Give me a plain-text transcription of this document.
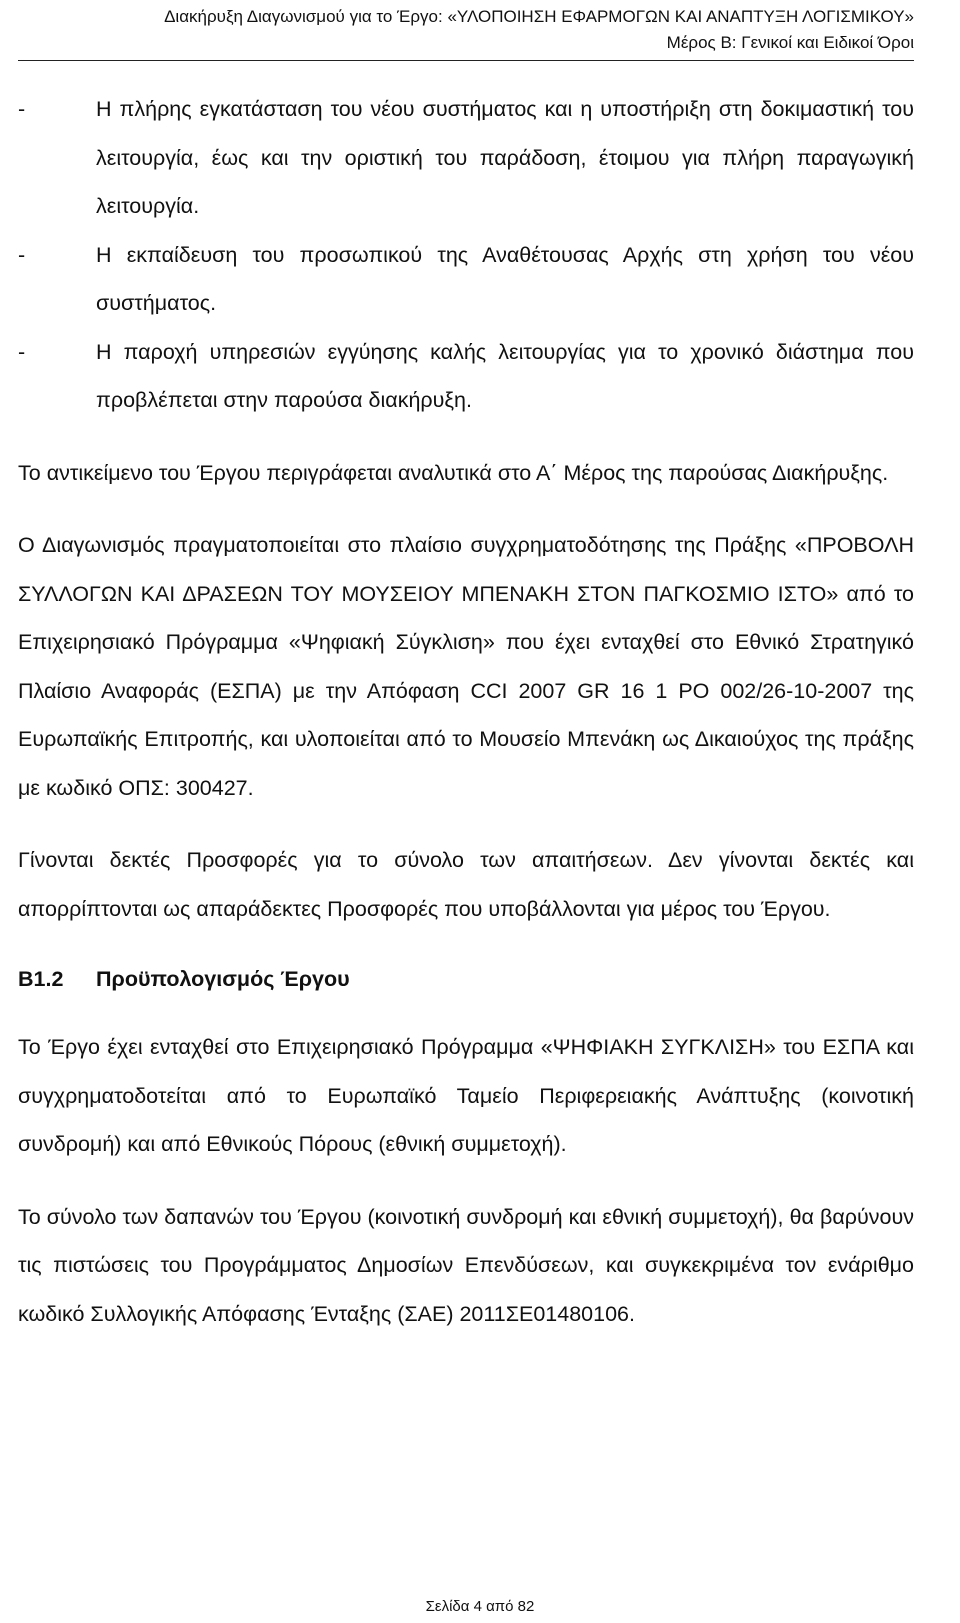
Διακήρυξη Διαγωνισμού για το Έργο: «ΥΛΟΠΟΙΗΣΗ ΕΦΑΡΜΟΓΩΝ ΚΑΙ ΑΝΑΠΤΥΞΗ ΛΟΓΙΣΜΙΚΟΥ»
Μέρος Β: Γενικοί και Ειδικοί Όροι
-	Η πλήρης εγκατάσταση του νέου συστήματος και η υποστήριξη στη δοκιμαστική του λειτουργία, έως και την οριστική του παράδοση, έτοιμου για πλήρη παραγωγική λειτουργία.
-	Η εκπαίδευση του προσωπικού της Αναθέτουσας Αρχής στη χρήση του νέου συστήματος.
-	Η παροχή υπηρεσιών εγγύησης καλής λειτουργίας για το χρονικό διάστημα που προβλέπεται στην παρούσα διακήρυξη.

Το αντικείμενο του Έργου περιγράφεται αναλυτικά στο Α΄ Μέρος της παρούσας Διακήρυξης.

Ο Διαγωνισμός πραγματοποιείται στο πλαίσιο συγχρηματοδότησης της Πράξης «ΠΡΟΒΟΛΗ ΣΥΛΛΟΓΩΝ ΚΑΙ ΔΡΑΣΕΩΝ ΤΟΥ ΜΟΥΣΕΙΟΥ ΜΠΕΝΑΚΗ ΣΤΟΝ ΠΑΓΚΟΣΜΙΟ ΙΣΤΟ» από το Επιχειρησιακό Πρόγραμμα «Ψηφιακή Σύγκλιση» που έχει ενταχθεί στο Εθνικό Στρατηγικό Πλαίσιο Αναφοράς (ΕΣΠΑ) με την Απόφαση CCI 2007 GR 16 1 PO 002/26-10-2007 της Ευρωπαϊκής Επιτροπής, και υλοποιείται από το Μουσείο Μπενάκη ως Δικαιούχος της πράξης με κωδικό ΟΠΣ: 300427.

Γίνονται δεκτές Προσφορές για το σύνολο των απαιτήσεων. Δεν γίνονται δεκτές και απορρίπτονται ως απαράδεκτες Προσφορές που υποβάλλονται για μέρος του Έργου.

Β1.2	Προϋπολογισμός Έργου

Το Έργο έχει ενταχθεί στο Επιχειρησιακό Πρόγραμμα «ΨΗΦΙΑΚΗ ΣΥΓΚΛΙΣΗ» του ΕΣΠΑ και συγχρηματοδοτείται από το Ευρωπαϊκό Ταμείο Περιφερειακής Ανάπτυξης (κοινοτική συνδρομή) και από Εθνικούς Πόρους (εθνική συμμετοχή).

Το σύνολο των δαπανών του Έργου (κοινοτική συνδρομή και εθνική συμμετοχή), θα βαρύνουν τις πιστώσεις του Προγράμματος Δημοσίων Επενδύσεων, και συγκεκριμένα τον ενάριθμο κωδικό Συλλογικής Απόφασης Ένταξης (ΣΑΕ) 2011ΣΕ01480106.

Σελίδα 4 από 82
